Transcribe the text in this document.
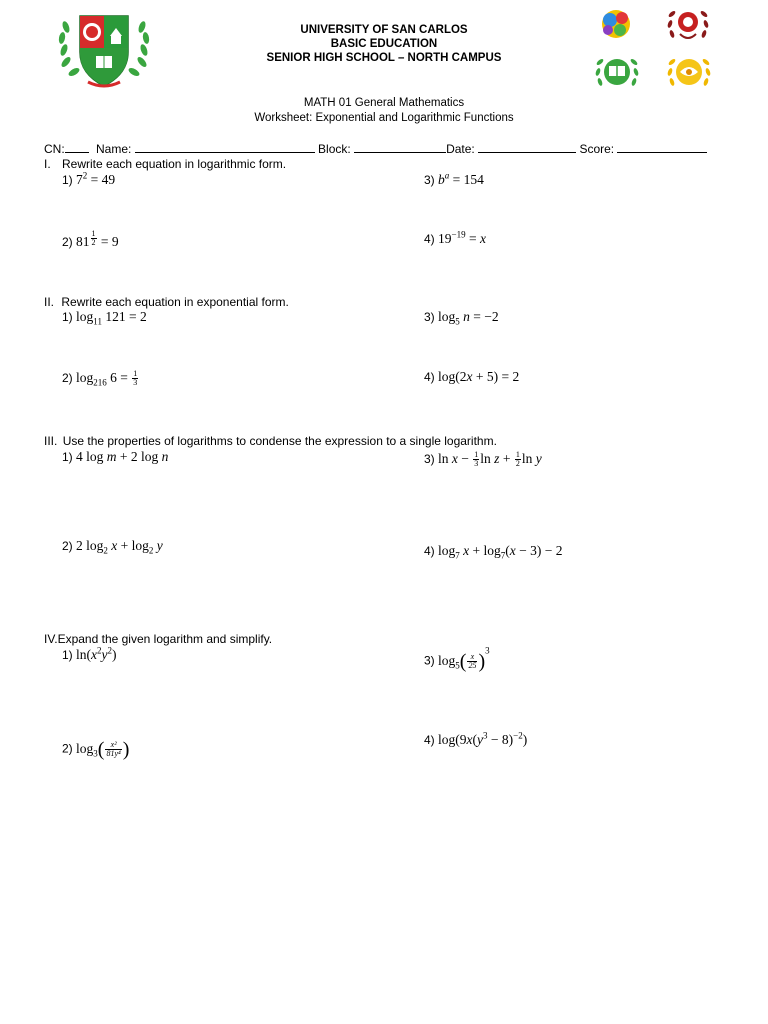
UNIVERSITY OF SAN CARLOS
BASIC EDUCATION
SENIOR HIGH SCHOOL – NORTH CAMPUS
MATH 01 General Mathematics
Worksheet: Exponential and Logarithmic Functions
CN:	Name:	Block:	Date:	Score:
I. Rewrite each equation in logarithmic form.
1) $7^2 = 49$	3) $b^a = 154$
2) $81 \frac{1}{2} = 9$	4) $19^{-19} = x$
II. Rewrite each equation in exponential form.
1) $\log_{11} 121 = 2$	3) $\log_5 n = -2$
2) $\log_{216} 6 = \frac{1}{3}$	4) log(2x + 5) = 2
III. Use the properties of logarithms to condense the expression to a single logarithm.
1) 4 log m + 2 log n	3) $\ln x - \frac{1}{3}$ $\ln z + \frac{1}{2}$ ln y
2) 2 $\log_2 x + \log_2 y$	4) $\log_7 x + \log_7(x - 3) - 2$
IV.Expand the given logarithm and simplify.
1) $\ln(x^2y^2)$	3) $\log_5( \frac{x}{25} )^3$
2) $\log_3( \frac{\text{x²}}{\text{81y⁴}}$ )	4) $\log(9x(y^3 - 8)^{-2})$
